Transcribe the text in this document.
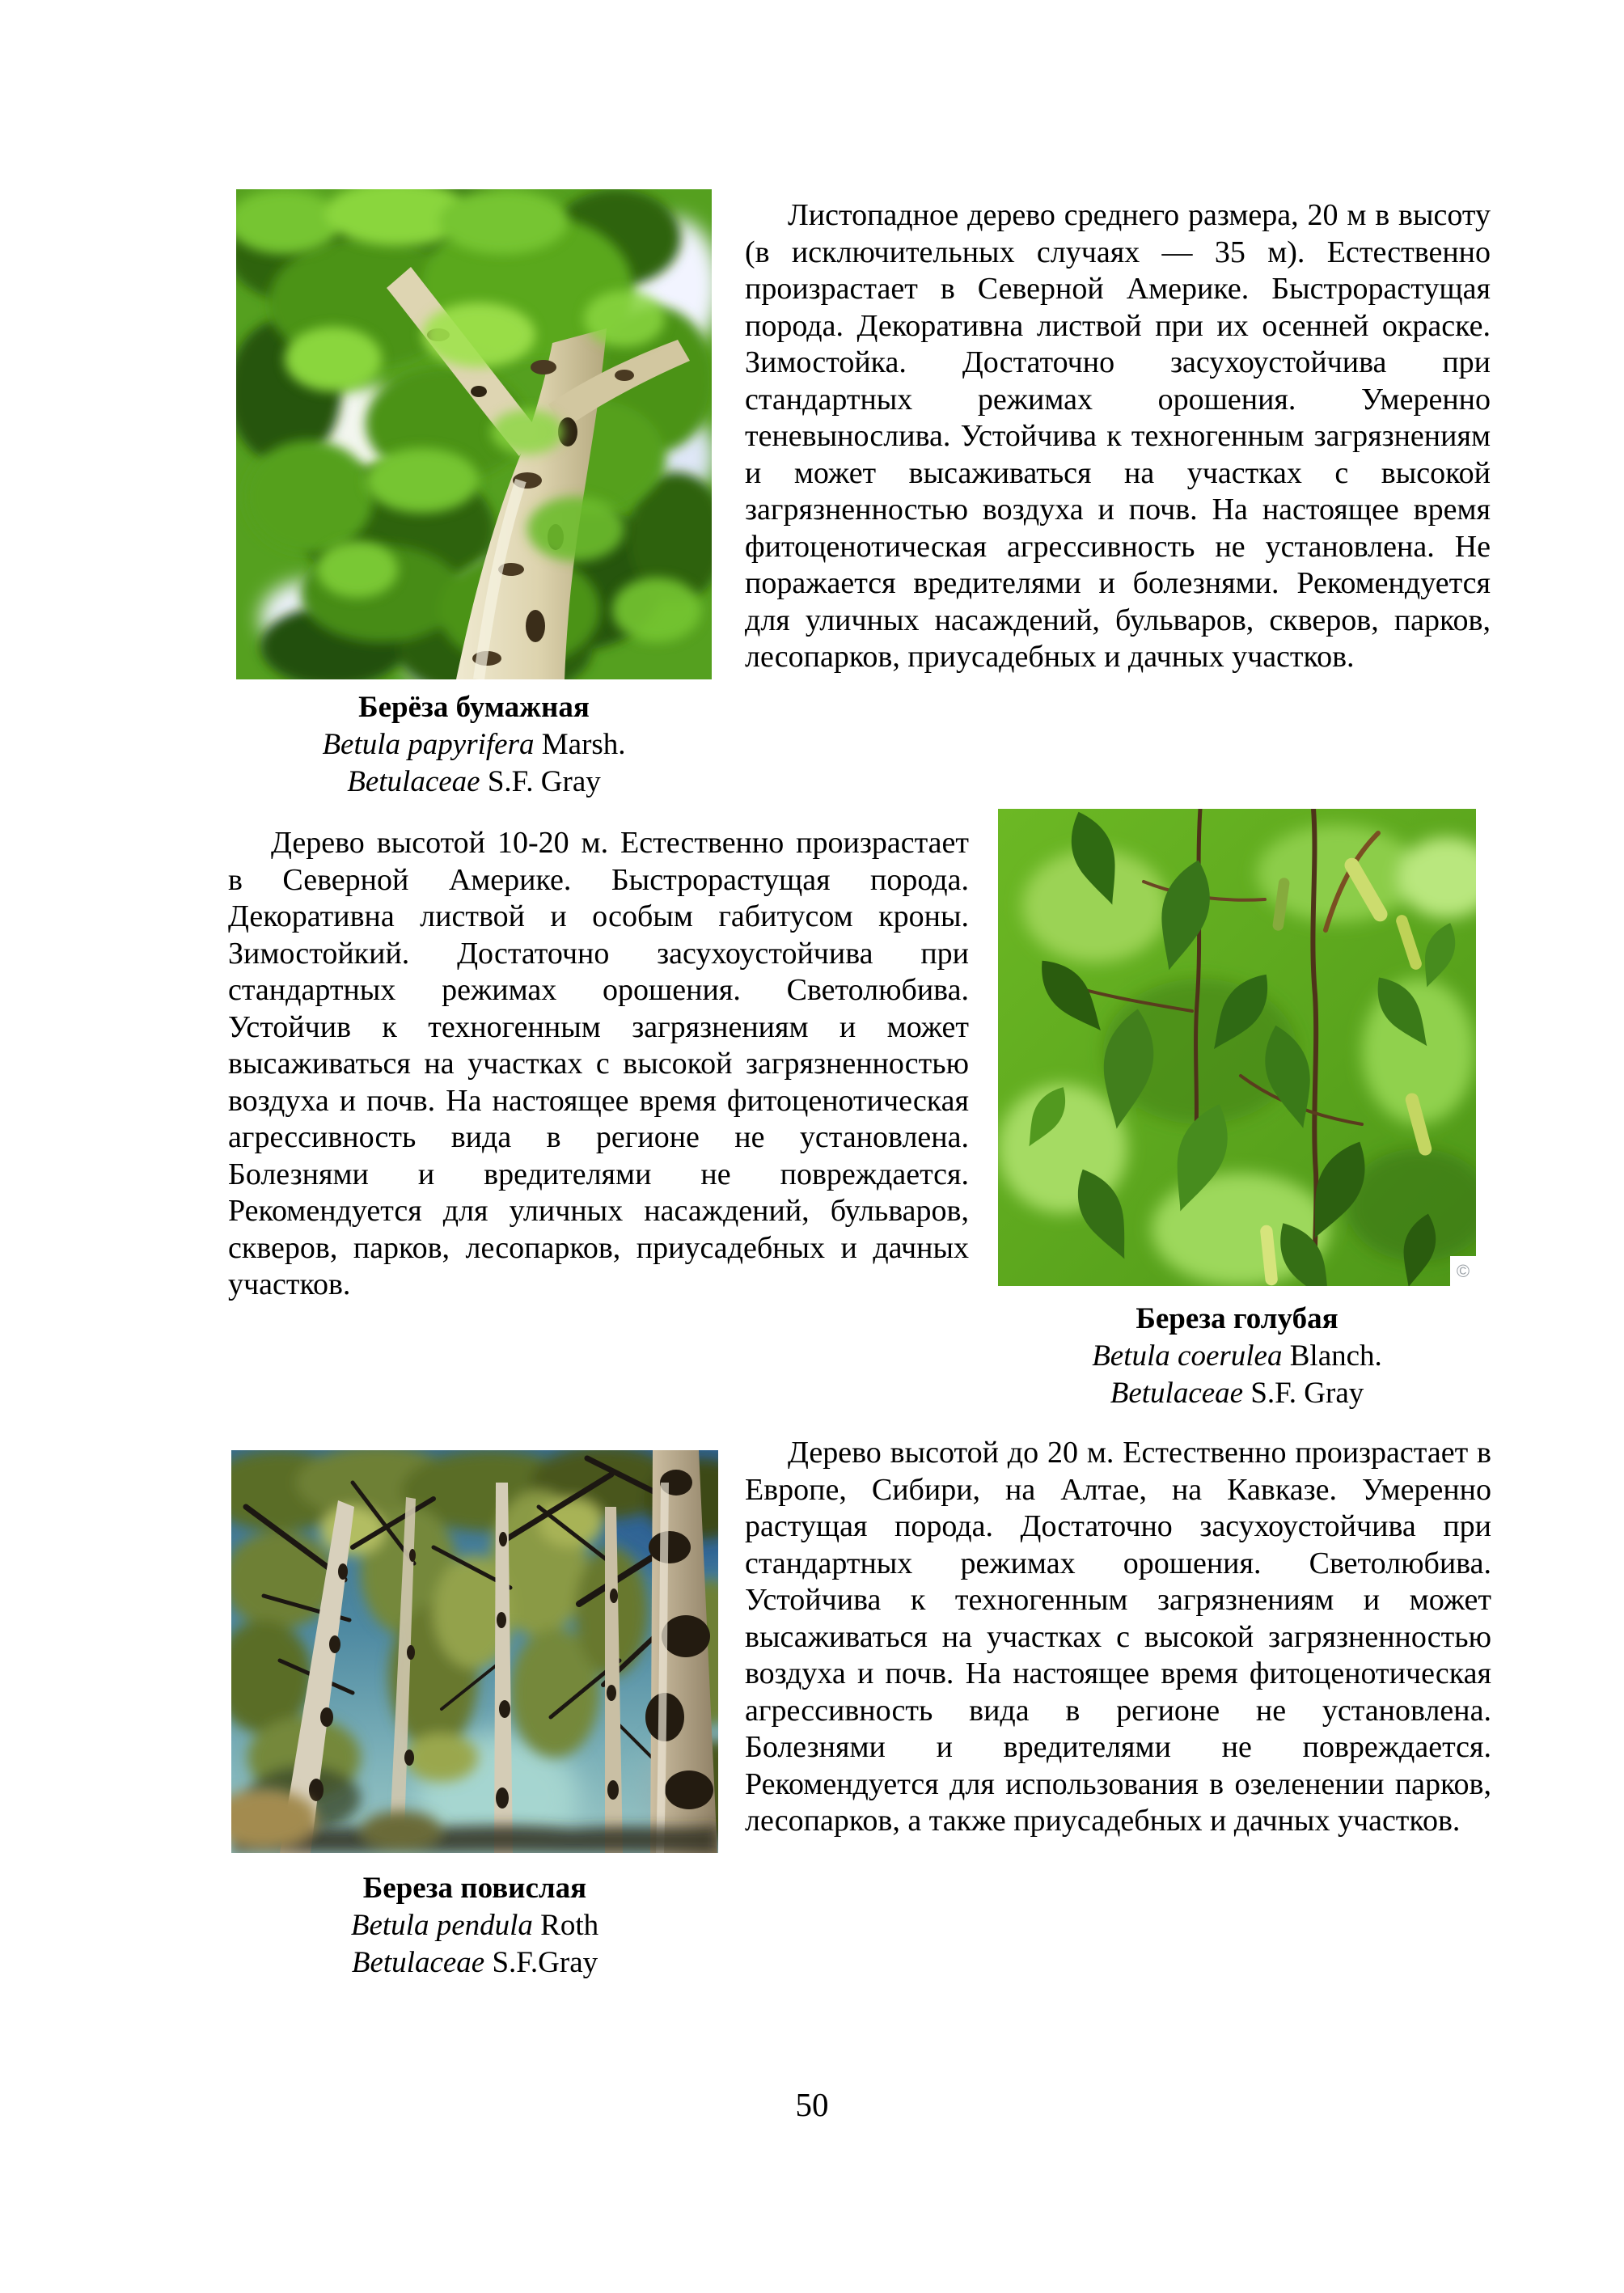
Берёза бумажная
Betula papyrifera Marsh.
Betulaceae S.F. Gray

Листопадное дерево среднего размера, 20 м в высоту (в исключительных случаях — 35 м). Естественно произрастает в Северной Америке. Быстрорастущая порода. Декоративна листвой при их осенней окраске. Зимостойка. Достаточно засухоустойчива при стандартных режимах орошения. Умеренно теневынослива. Устойчива к техногенным загрязнениям и может высаживаться на участках с высокой загрязненностью воздуха и почв. На настоящее время фитоценотическая агрессивность не установлена. Не поражается вредителями и болезнями. Рекомендуется для уличных насаждений, бульваров, скверов, парков, лесопарков, приусадебных и дачных участков.

Дерево высотой 10-20 м. Естественно произрастает в Северной Америке. Быстрорастущая порода. Декоративна листвой и особым габитусом кроны. Зимостойкий. Достаточно засухоустойчива при стандартных режимах орошения. Светолюбива. Устойчив к техногенным загрязнениям и может высаживаться на участках с высокой загрязненностью воздуха и почв. На настоящее время фитоценотическая агрессивность вида в регионе не установлена. Болезнями и вредителями не повреждается. Рекомендуется для уличных насаждений, бульваров, скверов, парков, лесопарков, приусадебных и дачных участков.	©
Береза голубая
Betula coerulea Blanch.
Betulaceae S.F. Gray
Береза повислая
Betula pendula Roth
Betulaceae S.F.Gray

Дерево высотой до 20 м. Естественно произрастает в Европе, Сибири, на Алтае, на Кавказе. Умеренно растущая порода. Достаточно засухоустойчива при стандартных режимах орошения. Светолюбива. Устойчива к техногенным загрязнениям и может высаживаться на участках с высокой загрязненностью воздуха и почв. На настоящее время фитоценотическая агрессивность вида в регионе не установлена. Болезнями и вредителями не повреждается. Рекомендуется для использования в озеленении парков, лесопарков, а также приусадебных и дачных участков.

50
